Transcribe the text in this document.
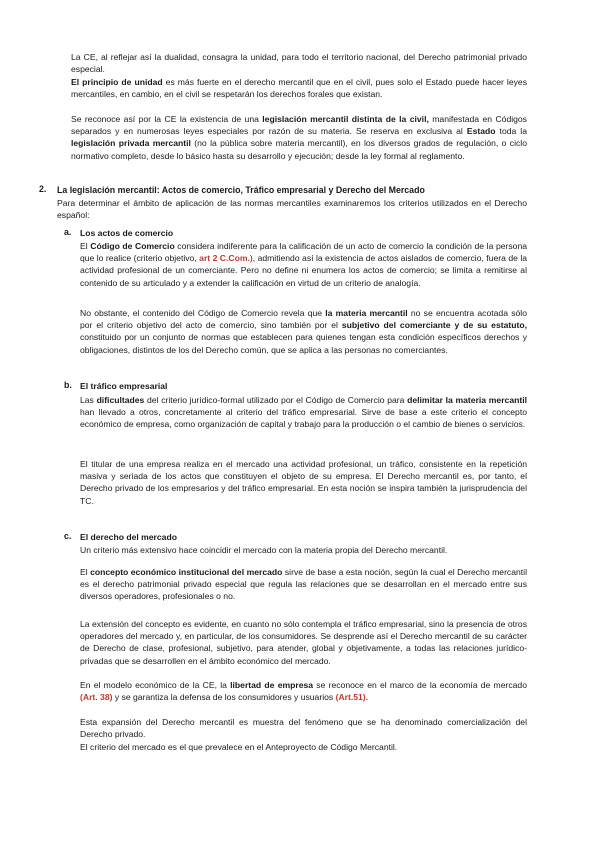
La CE, al reflejar así la dualidad, consagra la unidad, para todo el territorio nacional, del Derecho patrimonial privado especial.

El principio de unidad es más fuerte en el derecho mercantil que en el civil, pues solo el Estado puede hacer leyes mercantiles, en cambio, en el civil se respetarán los derechos forales que existan.

Se reconoce así por la CE la existencia de una legislación mercantil distinta de la civil, manifestada en Códigos separados y en numerosas leyes especiales por razón de su materia. Se reserva en exclusiva al Estado toda la legislación privada mercantil (no la pública sobre materia mercantil), en los diversos grados de regulación, o ciclo normativo completo, desde lo básico hasta su desarrollo y ejecución; desde la ley formal al reglamento.

2. La legislación mercantil: Actos de comercio, Tráfico empresarial y Derecho del Mercado

Para determinar el ámbito de aplicación de las normas mercantiles examinaremos los criterios utilizados en el Derecho español:

a. Los actos de comercio

El Código de Comercio considera indiferente para la calificación de un acto de comercio la condición de la persona que lo realice (criterio objetivo, art 2 C.Com.), admitiendo así la existencia de actos aislados de comercio, fuera de la actividad profesional de un comerciante. Pero no define ni enumera los actos de comercio; se limita a remitirse al contenido de su articulado y a extender la calificación en virtud de un criterio de analogía.

No obstante, el contenido del Código de Comercio revela que la materia mercantil no se encuentra acotada sólo por el criterio objetivo del acto de comercio, sino también por el subjetivo del comerciante y de su estatuto, constituido por un conjunto de normas que establecen para quienes tengan esta condición específicos derechos y obligaciones, distintos de los del Derecho común, que se aplica a las personas no comerciantes.

b. El tráfico empresarial

Las dificultades del criterio jurídico-formal utilizado por el Código de Comercio para delimitar la materia mercantil han llevado a otros, concretamente al criterio del tráfico empresarial. Sirve de base a este criterio el concepto económico de empresa, como organización de capital y trabajo para la producción o el cambio de bienes o servicios.

El titular de una empresa realiza en el mercado una actividad profesional, un tráfico, consistente en la repetición masiva y seriada de los actos que constituyen el objeto de su empresa. El Derecho mercantil es, por tanto, el Derecho privado de los empresarios y del tráfico empresarial. En esta noción se inspira también la jurisprudencia del TC.

c. El derecho del mercado

Un criterio más extensivo hace coincidir el mercado con la materia propia del Derecho mercantil.

El concepto económico institucional del mercado sirve de base a esta noción, según la cual el Derecho mercantil es el derecho patrimonial privado especial que regula las relaciones que se desarrollan en el mercado entre sus diversos operadores, profesionales o no.

La extensión del concepto es evidente, en cuanto no sólo contempla el tráfico empresarial, sino la presencia de otros operadores del mercado y, en particular, de los consumidores. Se desprende así el Derecho mercantil de su carácter de Derecho de clase, profesional, subjetivo, para atender, global y objetivamente, a todas las relaciones jurídico-privadas que se desarrollen en el ámbito económico del mercado.

En el modelo económico de la CE, la libertad de empresa se reconoce en el marco de la economía de mercado (Art. 38) y se garantiza la defensa de los consumidores y usuarios (Art.51).

Esta expansión del Derecho mercantil es muestra del fenómeno que se ha denominado comercialización del Derecho privado.

El criterio del mercado es el que prevalece en el Anteproyecto de Código Mercantil.
